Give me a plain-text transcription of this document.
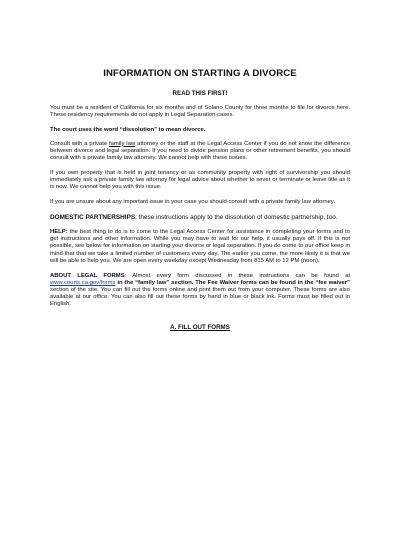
INFORMATION ON STARTING A DIVORCE
READ THIS FIRST!

You must be a resident of California for six months and of Solano County for three months to file for divorce here. These residency requirements do not apply in Legal Separation cases.

The court uses the word “dissolution” to mean divorce.

Consult with a private family law attorney or the staff at the Legal Access Center if you do not know the difference between divorce and legal separation. If you need to divide pension plans or other retirement benefits, you should consult with a private family law attorney. We cannot help with these issues.

If you own property that is held in joint tenancy or as community property with right of survivorship you should immediately ask a private family law attorney for legal advice about whether to sever or terminate or leave title as it is now. We cannot help you with this issue.

If you are unsure about any important issue in your case you should consult with a private family law attorney.

DOMESTIC PARTNERSHIPS: these instructions apply to the dissolution of domestic partnership, too.

HELP: the best thing to do is to come to the Legal Access Center for assistance in completing your forms and to get instructions and other information. While you may have to wait for our help, it usually pays off. If this is not possible, see below for information on starting your divorce or legal separation. If you do come to our office keep in mind that that we take a limited number of customers every day. The earlier you come, the more likely it is that we will be able to help you. We are open every weekday except Wednesday from 815 AM to 12 PM (noon).

ABOUT LEGAL FORMS: Almost every form discussed in these instructions can be found at www.courts.ca.gov/forms in the “family law” section. The Fee Waiver forms can be found in the “fee waiver” section of the site. You can fill out the forms online and print them out from your computer. These forms are also available at our office. You can also fill out these forms by hand in blue or black ink. Forms must be filled out in English.

A. FILL OUT FORMS
